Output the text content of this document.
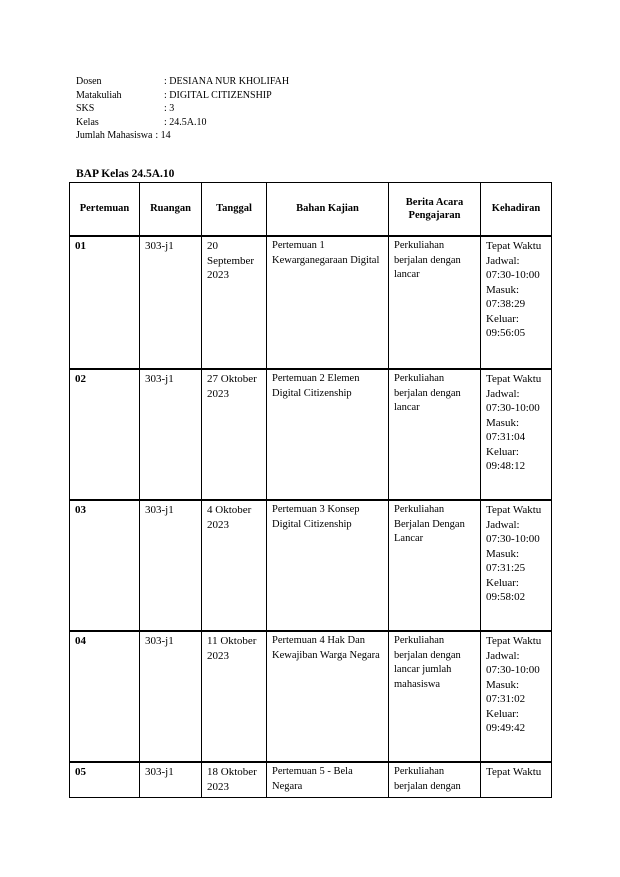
Dosen	: DESIANA NUR KHOLIFAH
Matakuliah	: DIGITAL CITIZENSHIP
SKS	: 3
Kelas	: 24.5A.10
Jumlah Mahasiswa : 14
BAP Kelas 24.5A.10
Pertemuan	Ruangan	Tanggal	Bahan Kajian	Berita Acara Pengajaran	Kehadiran
01	303-j1	20 September 2023	Pertemuan 1 Kewarganegaraan Digital	Perkuliahan berjalan dengan lancar	Tepat Waktu Jadwal: 07:30-10:00 Masuk: 07:38:29 Keluar: 09:56:05
02	303-j1	27 Oktober 2023	Pertemuan 2 Elemen Digital Citizenship	Perkuliahan berjalan dengan lancar	Tepat Waktu Jadwal: 07:30-10:00 Masuk: 07:31:04 Keluar: 09:48:12
03	303-j1	4 Oktober 2023	Pertemuan 3 Konsep Digital Citizenship	Perkuliahan Berjalan Dengan Lancar	Tepat Waktu Jadwal: 07:30-10:00 Masuk: 07:31:25 Keluar: 09:58:02
04	303-j1	11 Oktober 2023	Pertemuan 4 Hak Dan Kewajiban Warga Negara	Perkuliahan berjalan dengan lancar jumlah mahasiswa	Tepat Waktu Jadwal: 07:30-10:00 Masuk: 07:31:02 Keluar: 09:49:42
05	303-j1	18 Oktober 2023	Pertemuan 5 - Bela Negara	Perkuliahan berjalan dengan	Tepat Waktu
